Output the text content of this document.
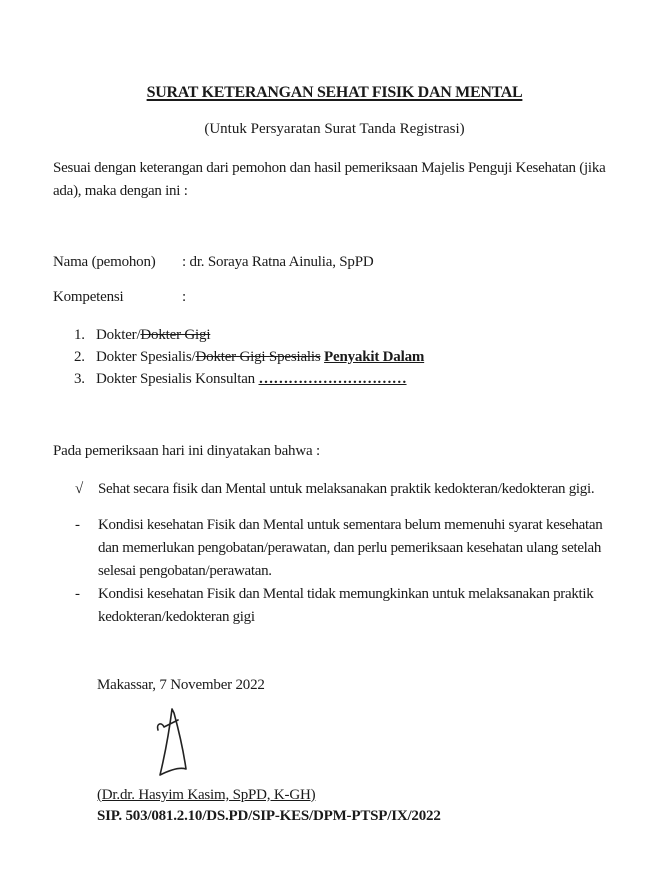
SURAT KETERANGAN SEHAT FISIK DAN MENTAL
(Untuk Persyaratan Surat Tanda Registrasi)
Sesuai dengan keterangan dari pemohon dan hasil pemeriksaan Majelis Penguji Kesehatan (jika ada), maka dengan ini :
Nama (pemohon) : dr. Soraya Ratna Ainulia, SpPD
Kompetensi	:
1. Dokter/Dokter Gigi
2. Dokter Spesialis/Dokter Gigi Spesialis Penyakit Dalam
3. Dokter Spesialis Konsultan …………………………
Pada pemeriksaan hari ini dinyatakan bahwa :
√ Sehat secara fisik dan Mental untuk melaksanakan praktik kedokteran/kedokteran gigi.
- Kondisi kesehatan Fisik dan Mental untuk sementara belum memenuhi syarat kesehatan dan memerlukan pengobatan/perawatan, dan perlu pemeriksaan kesehatan ulang setelah selesai pengobatan/perawatan.
- Kondisi kesehatan Fisik dan Mental tidak memungkinkan untuk melaksanakan praktik kedokteran/kedokteran gigi
Makassar, 7 November 2022
(Dr.dr. Hasyim Kasim, SpPD, K-GH)
SIP. 503/081.2.10/DS.PD/SIP-KES/DPM-PTSP/IX/2022
